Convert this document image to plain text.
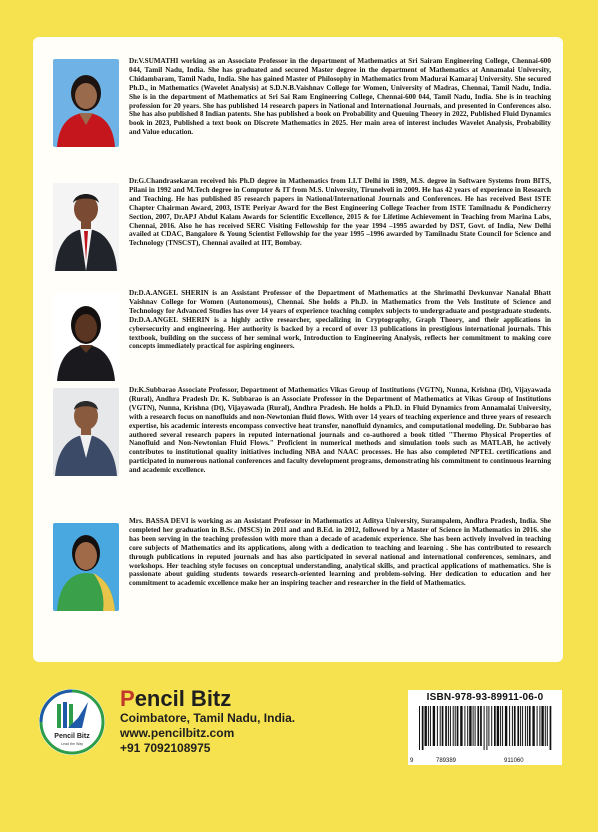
Dr.V.SUMATHI working as an Associate Professor in the department of Mathematics at Sri Sairam Engineering College, Chennai-600 044, Tamil Nadu, India. She has graduated and secured Master degree in the department of Mathematics at Annamalai University, Chidambaram, Tamil Nadu, India. She has gained Master of Philosophy in Mathematics from Madurai Kamaraj University. She secured Ph.D., in Mathematics (Wavelet Analysis) at S.D.N.B.Vaishnav College for Women, University of Madras, Chennai, Tamil Nadu, India. She is in the department of Mathematics at Sri Sai Ram Engineering College, Chennai-600 044, Tamil Nadu, India. She is in teaching profession for 20 years. She has published 14 research papers in National and International Journals, and presented in Conferences also. She has also published 8 Indian patents. She has published a book on Probability and Queuing Theory in 2022, Published Fluid Dynamics book in 2023, Published a text book on Discrete Mathematics in 2025. Her main area of interest includes Wavelet Analysis, Probability and Value education.
Dr.G.Chandrasekaran received his Ph.D degree in Mathematics from I.I.T Delhi in 1989, M.S. degree in Software Systems from BITS, Pilani in 1992 and M.Tech degree in Computer & IT from M.S. University, Tirunelveli in 2009. He has 42 years of experience in Research and Teaching. He has published 85 research papers in National/International Journals and Conferences. He has received Best ISTE Chapter Chairman Award, 2003, ISTE Periyar Award for the Best Engineering College Teacher from ISTE Tamilnadu & Pondicherry Section, 2007, Dr.APJ Abdul Kalam Awards for Scientific Excellence, 2015 & for Lifetime Achievement in Teaching from Marina Labs, Chennai, 2016. Also he has received SERC Visiting Fellowship for the year 1994 –1995 awarded by DST, Govt. of India, New Delhi availed at CDAC, Bangalore & Young Scientist Fellowship for the year 1995 –1996 awarded by Tamilnadu State Council for Science and Technology (TNSCST), Chennai availed at IIT, Bombay.
Dr.D.A.ANGEL SHERIN is an Assistant Professor of the Department of Mathematics at the Shrimathi Devkunvar Nanalal Bhatt Vaishnav College for Women (Autonomous), Chennai. She holds a Ph.D. in Mathematics from the Vels Institute of Science and Technology for Advanced Studies has over 14 years of experience teaching complex subjects to undergraduate and postgraduate students. Dr.D.A.ANGEL SHERIN is a highly active researcher, specializing in Cryptography, Graph Theory, and their applications in cybersecurity and engineering. Her authority is backed by a record of over 13 publications in prestigious international journals. This textbook, building on the success of her seminal work, Introduction to Engineering Analysis, reflects her commitment to making core concepts immediately practical for aspiring engineers.
Dr.K.Subbarao Associate Professor, Department of Mathematics Vikas Group of Institutions (VGTN), Nunna, Krishna (Dt), Vijayawada (Rural), Andhra Pradesh Dr. K. Subbarao is an Associate Professor in the Department of Mathematics at Vikas Group of Institutions (VGTN), Nunna, Krishna (Dt), Vijayawada (Rural), Andhra Pradesh. He holds a Ph.D. in Fluid Dynamics from Annamalai University, with a research focus on nanofluids and non-Newtonian fluid flows. With over 14 years of teaching experience and three years of research expertise, his academic interests encompass convective heat transfer, nanofluid dynamics, and computational modeling. Dr. Subbarao has authored several research papers in reputed international journals and co-authored a book titled "Thermo Physical Properties of Nanofluid and Non-Newtonian Fluid Flows." Proficient in numerical methods and simulation tools such as MATLAB, he actively contributes to institutional quality initiatives including NBA and NAAC processes. He has also completed NPTEL certifications and participated in numerous national conferences and faculty development programs, demonstrating his commitment to continuous learning and academic excellence.
Mrs. BASSA DEVI is working as an Assistant Professor in Mathematics at Aditya University, Surampalem, Andhra Pradesh, India. She completed her graduation in B.Sc. (MSCS) in 2011 and and B.Ed. in 2012, followed by a Master of Science in Mathematics in 2016. she has been serving in the teaching profession with more than a decade of academic experience. She has been actively involved in teaching core subjects of Mathematics and its applications, along with a dedication to teaching and learning . She has contributed to research through publications in reputed journals and has also participated in several national and international conferences, seminars, and workshops. Her teaching style focuses on conceptual understanding, analytical skills, and practical applications of mathematics. She is passionate about guiding students towards research-oriented learning and problem-solving. Her dedication to education and her commitment to academic excellence make her an inspiring teacher and researcher in the field of Mathematics.
Pencil Bitz
Lead the Way
Pencil Bitz
Coimbatore, Tamil Nadu, India.
www.pencilbitz.com
+91 7092108975
ISBN-978-93-89911-06-0
9	789389	911060
